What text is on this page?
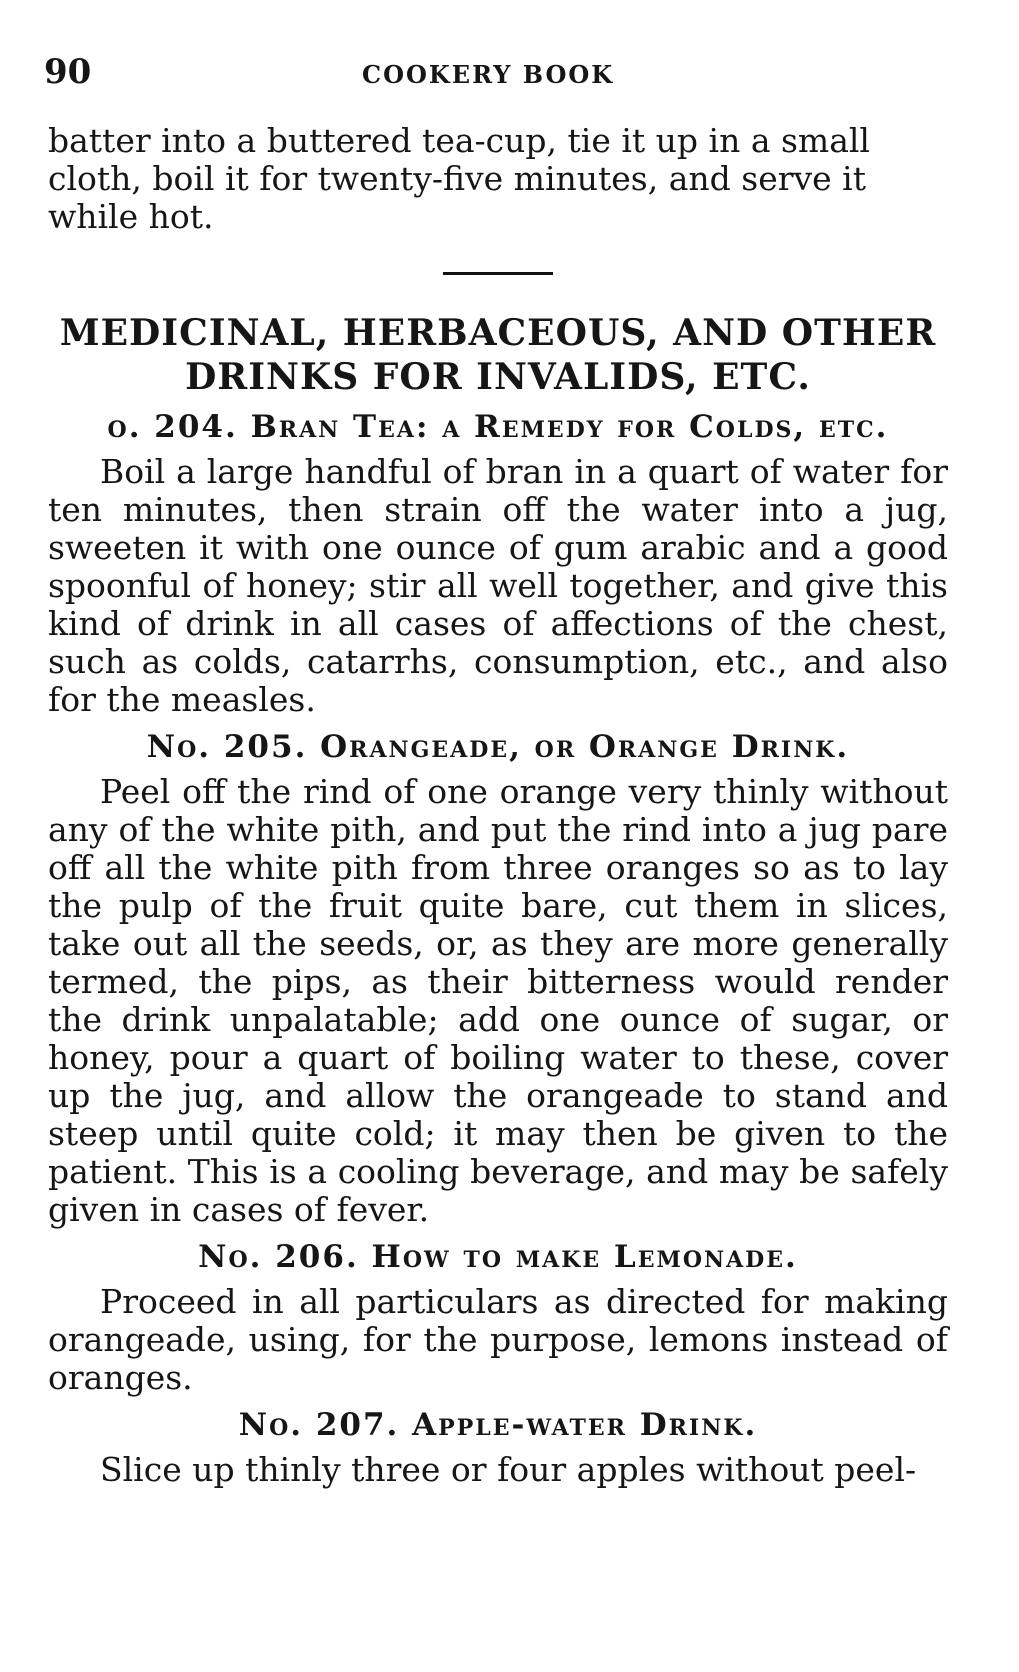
90	COOKERY BOOK

batter into a buttered tea-cup, tie it up in a small cloth, boil it for twenty-five minutes, and serve it while hot.

MEDICINAL, HERBACEOUS, AND OTHER
DRINKS FOR INVALIDS, ETC.
o. 204. Bran Tea: a Remedy for Colds, etc.

Boil a large handful of bran in a quart of water for ten minutes, then strain off the water into a jug, sweeten it with one ounce of gum arabic and a good spoonful of honey; stir all well together, and give this kind of drink in all cases of affections of the chest, such as colds, catarrhs, consumption, etc., and also for the measles.

No. 205. Orangeade, or Orange Drink.

Peel off the rind of one orange very thinly without any of the white pith, and put the rind into a jug pare off all the white pith from three oranges so as to lay the pulp of the fruit quite bare, cut them in slices, take out all the seeds, or, as they are more generally termed, the pips, as their bitterness would render the drink unpalatable; add one ounce of sugar, or honey, pour a quart of boiling water to these, cover up the jug, and allow the orangeade to stand and steep until quite cold; it may then be given to the patient. This is a cooling beverage, and may be safely given in cases of fever.

No. 206. How to make Lemonade.

Proceed in all particulars as directed for making orangeade, using, for the purpose, lemons instead of oranges.

No. 207. Apple-water Drink.

Slice up thinly three or four apples without peel-
